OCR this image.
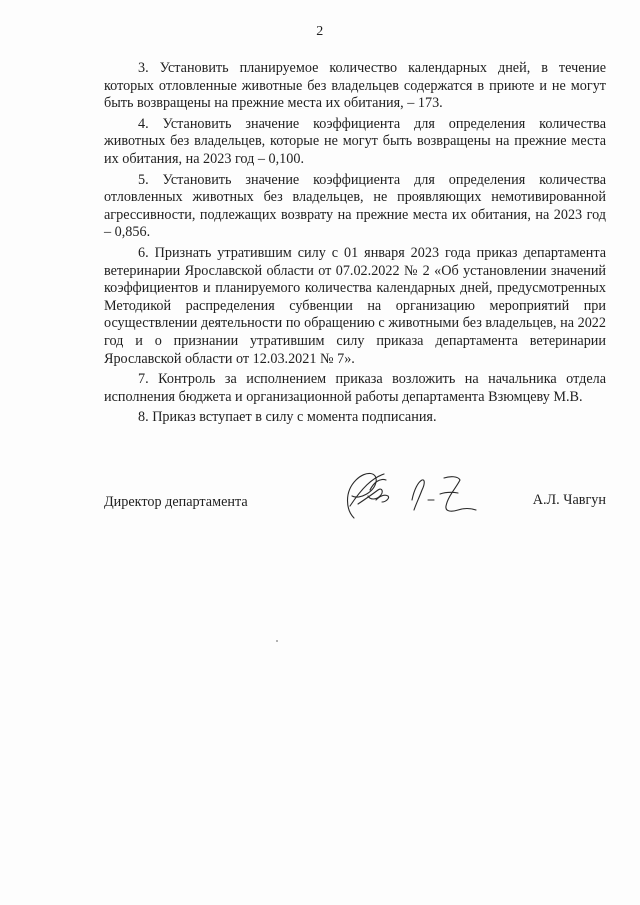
2

3. Установить планируемое количество календарных дней, в течение которых отловленные животные без владельцев содержатся в приюте и не могут быть возвращены на прежние места их обитания, – 173.

4. Установить значение коэффициента для определения количества животных без владельцев, которые не могут быть возвращены на прежние места их обитания, на 2023 год – 0,100.

5. Установить значение коэффициента для определения количества отловленных животных без владельцев, не проявляющих немотивированной агрессивности, подлежащих возврату на прежние места их обитания, на 2023 год – 0,856.

6. Признать утратившим силу с 01 января 2023 года приказ департамента ветеринарии Ярославской области от 07.02.2022 № 2 «Об установлении значений коэффициентов и планируемого количества календарных дней, предусмотренных Методикой распределения субвенции на организацию мероприятий при осуществлении деятельности по обращению с животными без владельцев, на 2022 год и о признании утратившим силу приказа департамента ветеринарии Ярославской области от 12.03.2021 № 7».

7. Контроль за исполнением приказа возложить на начальника отдела исполнения бюджета и организационной работы департамента Взюмцеву М.В.

8. Приказ вступает в силу с момента подписания.

Директор департамента	А.Л. Чавгун
